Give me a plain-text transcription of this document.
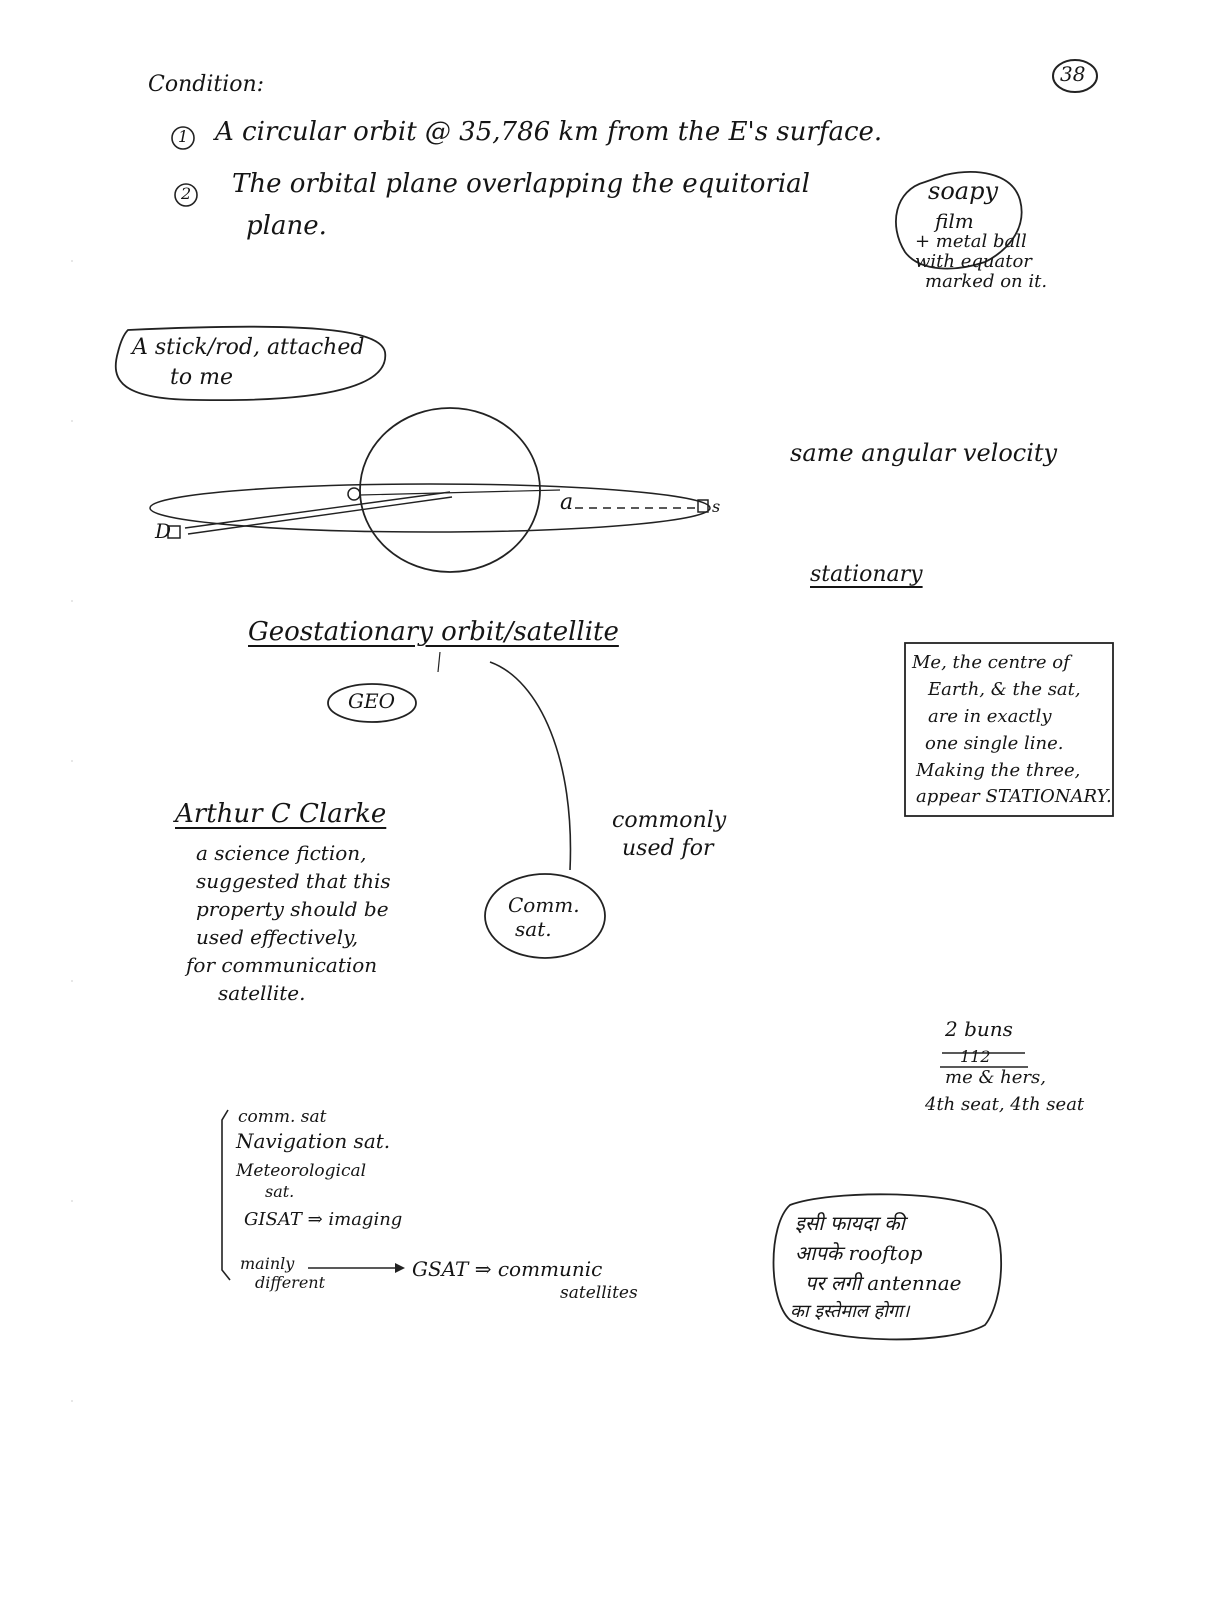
38
Condition:
1 A circular orbit @ 35,786 km from the E's surface.
2 The orbital plane overlapping the equitorial
plane.
soapy
film
+ metal ball
with equator
marked on it.
A stick/rod, attached
to me
D
a	s
same angular velocity
stationary
Geostationary orbit/satellite
GEO
Me, the centre of
Earth, & the sat,
are in exactly
one single line.
Making the three,
appear STATIONARY.
Arthur C Clarke
a science fiction,
suggested that this
property should be
used effectively,
for communication
satellite.
commonly
used for
Comm.
sat.
2 buns
112
me & hers,
4th seat, 4th seat
comm. sat
Navigation sat.
Meteorological
sat.
GISAT ⇒ imaging
mainly
different
GSAT ⇒ communic
satellites
इसी फायदा की
आपके rooftop
पर लगी antennae
का इस्तेमाल होगा।
